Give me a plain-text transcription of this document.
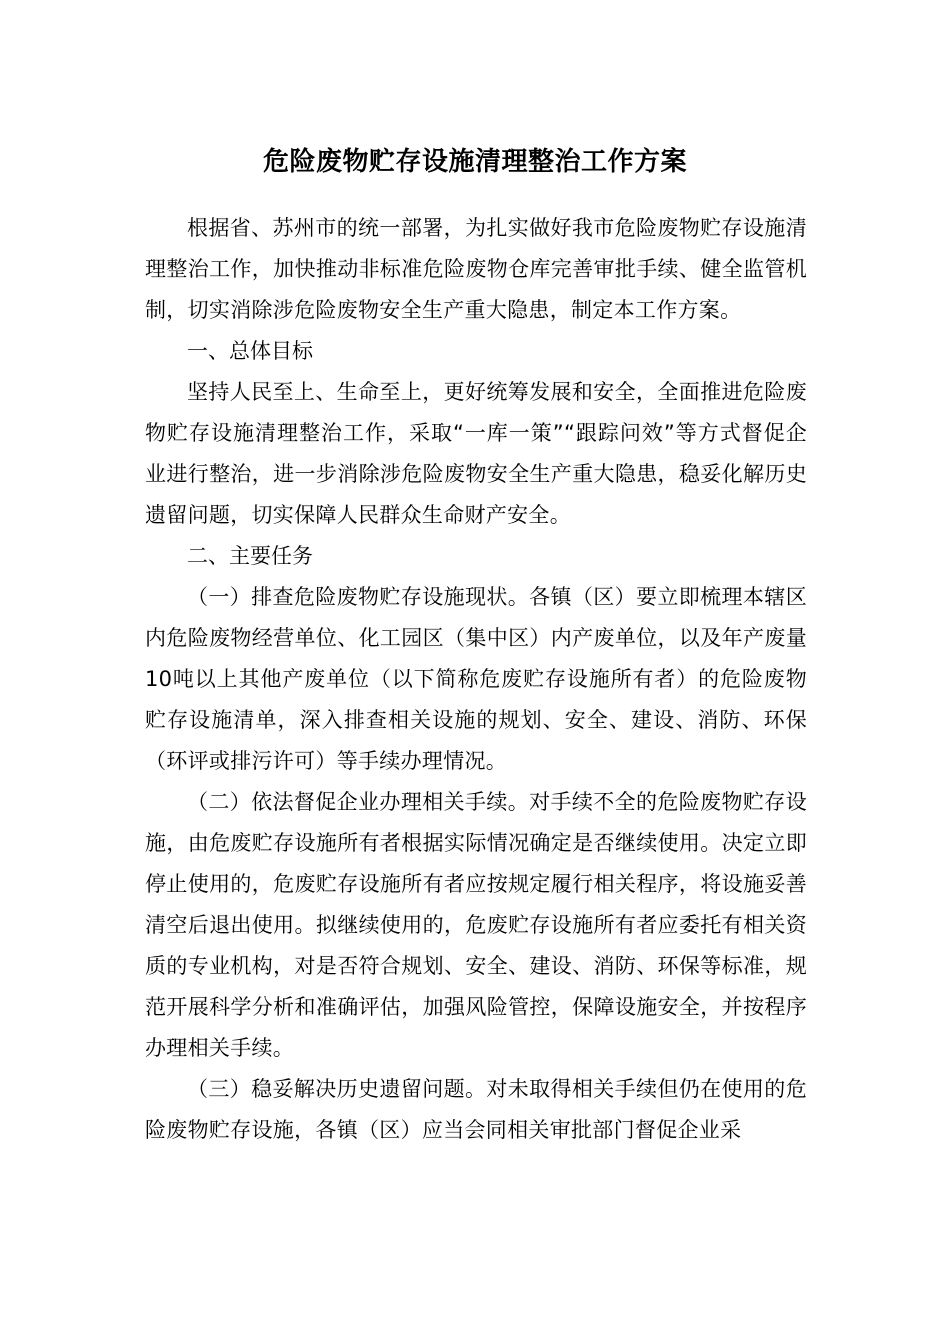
危险废物贮存设施清理整治工作方案

根据省、苏州市的统一部署，为扎实做好我市危险废物贮存设施清理整治工作，加快推动非标准危险废物仓库完善审批手续、健全监管机制，切实消除涉危险废物安全生产重大隐患，制定本工作方案。

一、总体目标

坚持人民至上、生命至上，更好统筹发展和安全，全面推进危险废物贮存设施清理整治工作，采取“一库一策”“跟踪问效”等方式督促企业进行整治，进一步消除涉危险废物安全生产重大隐患，稳妥化解历史遗留问题，切实保障人民群众生命财产安全。

二、主要任务

（一）排查危险废物贮存设施现状。各镇（区）要立即梳理本辖区内危险废物经营单位、化工园区（集中区）内产废单位，以及年产废量10吨以上其他产废单位（以下简称危废贮存设施所有者）的危险废物贮存设施清单，深入排查相关设施的规划、安全、建设、消防、环保（环评或排污许可）等手续办理情况。

（二）依法督促企业办理相关手续。对手续不全的危险废物贮存设施，由危废贮存设施所有者根据实际情况确定是否继续使用。决定立即停止使用的，危废贮存设施所有者应按规定履行相关程序，将设施妥善清空后退出使用。拟继续使用的，危废贮存设施所有者应委托有相关资质的专业机构，对是否符合规划、安全、建设、消防、环保等标准，规范开展科学分析和准确评估，加强风险管控，保障设施安全，并按程序办理相关手续。

（三）稳妥解决历史遗留问题。对未取得相关手续但仍在使用的危险废物贮存设施，各镇（区）应当会同相关审批部门督促企业采
